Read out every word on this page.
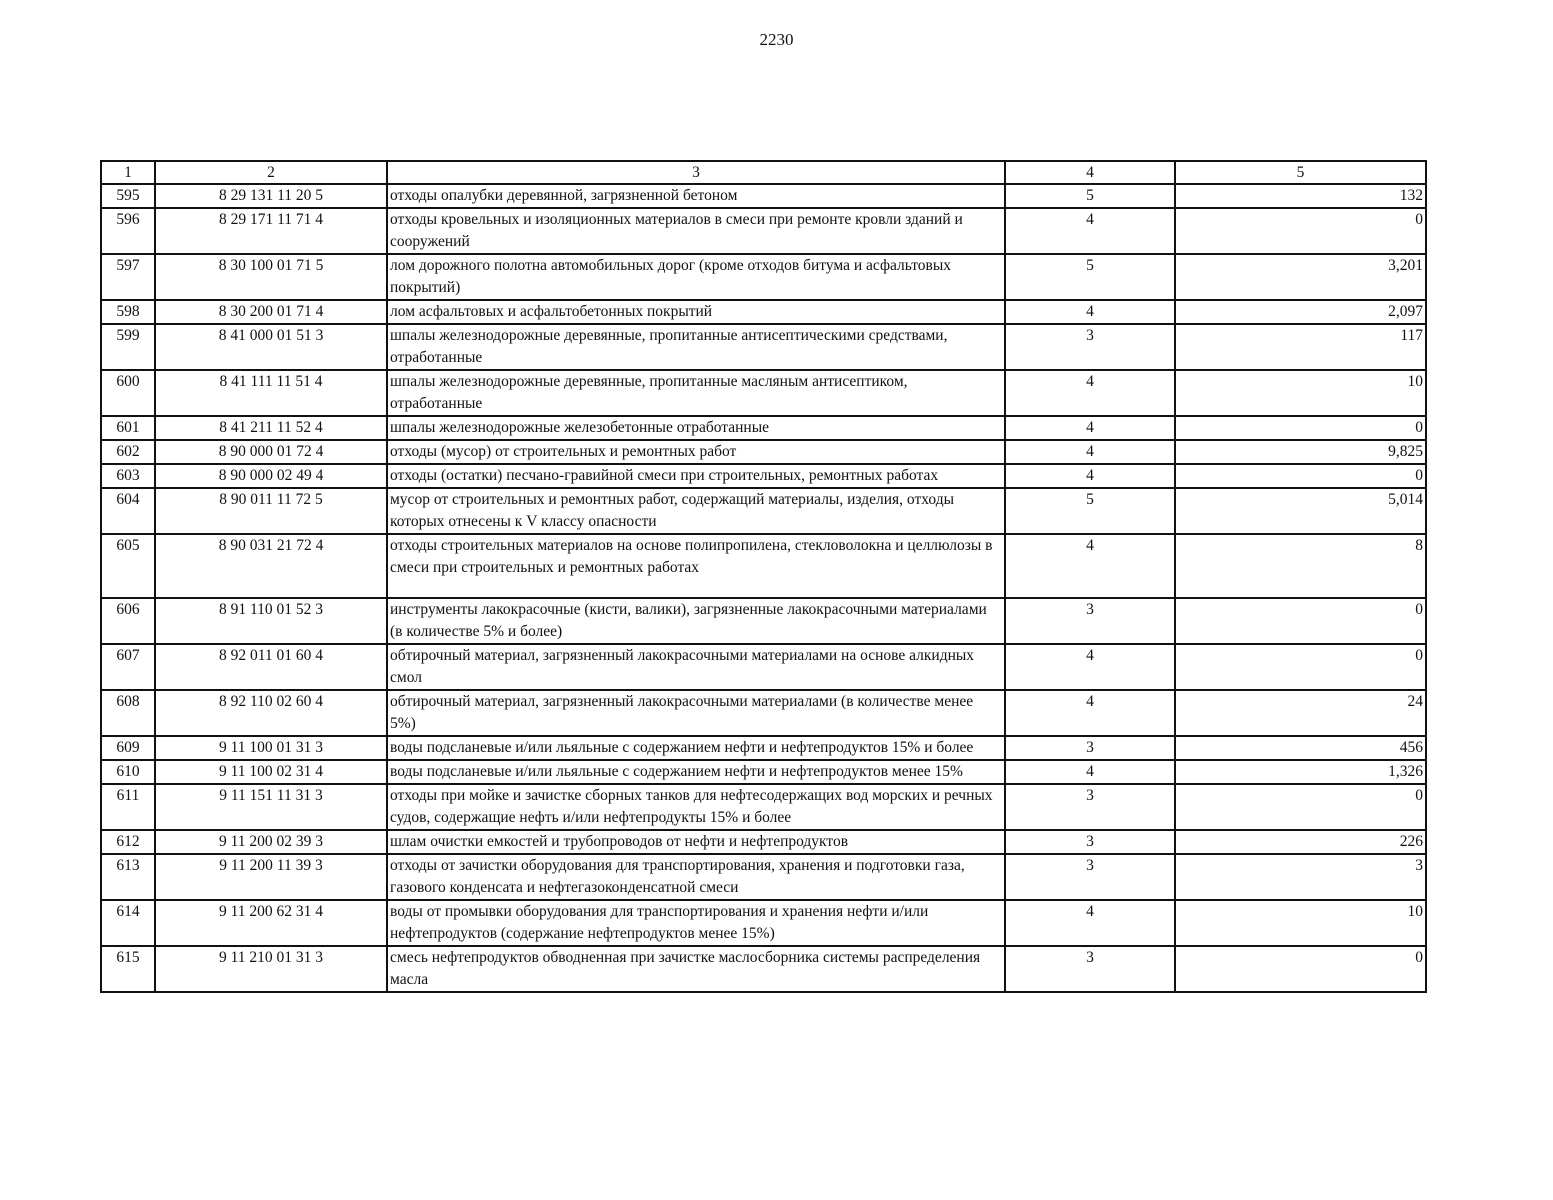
2230
1	2	3	4	5
595	8 29 131 11 20 5	отходы опалубки деревянной, загрязненной бетоном	5	132
596	8 29 171 11 71 4	отходы кровельных и изоляционных материалов в смеси при ремонте кровли зданий и сооружений	4	0
597	8 30 100 01 71 5	лом дорожного полотна автомобильных дорог (кроме отходов битума и асфальтовых покрытий)	5	3,201
598	8 30 200 01 71 4	лом асфальтовых и асфальтобетонных покрытий	4	2,097
599	8 41 000 01 51 3	шпалы железнодорожные деревянные, пропитанные антисептическими средствами, отработанные	3	117
600	8 41 111 11 51 4	шпалы железнодорожные деревянные, пропитанные масляным антисептиком, отработанные	4	10
601	8 41 211 11 52 4	шпалы железнодорожные железобетонные отработанные	4	0
602	8 90 000 01 72 4	отходы (мусор) от строительных и ремонтных работ	4	9,825
603	8 90 000 02 49 4	отходы (остатки) песчано-гравийной смеси при строительных, ремонтных работах	4	0
604	8 90 011 11 72 5	мусор от строительных и ремонтных работ, содержащий материалы, изделия, отходы которых отнесены к V классу опасности	5	5,014
605	8 90 031 21 72 4	отходы строительных материалов на основе полипропилена, стекловолокна и целлюлозы в смеси при строительных и ремонтных работах	4	8
606	8 91 110 01 52 3	инструменты лакокрасочные (кисти, валики), загрязненные лакокрасочными материалами (в количестве 5% и более)	3	0
607	8 92 011 01 60 4	обтирочный материал, загрязненный лакокрасочными материалами на основе алкидных смол	4	0
608	8 92 110 02 60 4	обтирочный материал, загрязненный лакокрасочными материалами (в количестве менее 5%)	4	24
609	9 11 100 01 31 3	воды подсланевые и/или льяльные с содержанием нефти и нефтепродуктов 15% и более	3	456
610	9 11 100 02 31 4	воды подсланевые и/или льяльные с содержанием нефти и нефтепродуктов менее 15%	4	1,326
611	9 11 151 11 31 3	отходы при мойке и зачистке сборных танков для нефтесодержащих вод морских и речных судов, содержащие нефть и/или нефтепродукты 15% и более	3	0
612	9 11 200 02 39 3	шлам очистки емкостей и трубопроводов от нефти и нефтепродуктов	3	226
613	9 11 200 11 39 3	отходы от зачистки оборудования для транспортирования, хранения и подготовки газа, газового конденсата и нефтегазоконденсатной смеси	3	3
614	9 11 200 62 31 4	воды от промывки оборудования для транспортирования и хранения нефти и/или нефтепродуктов (содержание нефтепродуктов менее 15%)	4	10
615	9 11 210 01 31 3	смесь нефтепродуктов обводненная при зачистке маслосборника системы распределения масла	3	0
